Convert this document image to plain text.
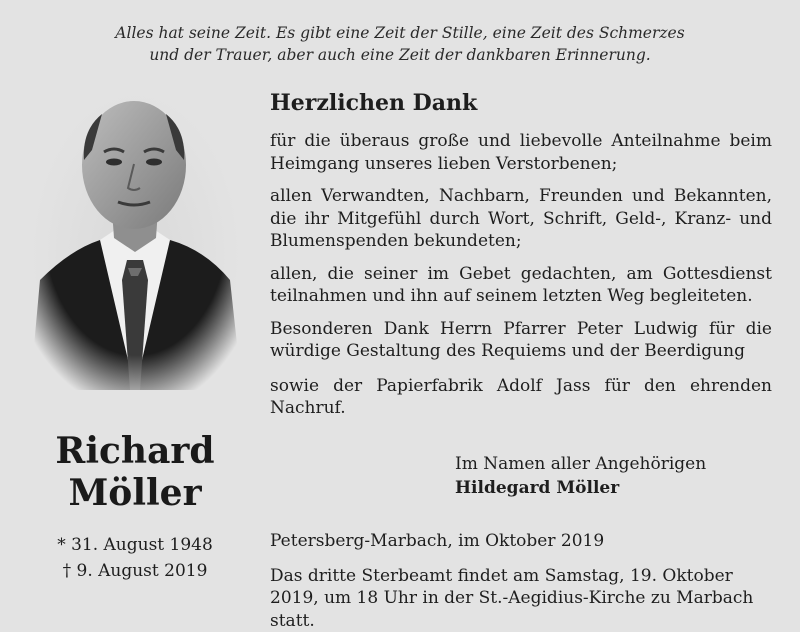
Alles hat seine Zeit. Es gibt eine Zeit der Stille, eine Zeit des Schmerzes
und der Trauer, aber auch eine Zeit der dankbaren Erinnerung.
Richard
Möller
* 31. August 1948
† 9. August 2019
Herzlichen Dank

für die überaus große und liebevolle Anteilnahme beim Heimgang unseres lieben Verstorbenen;

allen Verwandten, Nachbarn, Freunden und Bekannten, die ihr Mitgefühl durch Wort, Schrift, Geld-, Kranz- und Blumenspenden bekundeten;

allen, die seiner im Gebet gedachten, am Gottesdienst teilnahmen und ihn auf seinem letzten Weg begleiteten.

Besonderen Dank Herrn Pfarrer Peter Ludwig für die würdige Gestaltung des Requiems und der Beerdigung

sowie der Papierfabrik Adolf Jass für den ehrenden Nachruf.

Im Namen aller Angehörigen
Hildegard Möller
Petersberg-Marbach, im Oktober 2019
Das dritte Sterbeamt findet am Samstag, 19. Oktober 2019, um 18 Uhr in der St.-Aegidius-Kirche zu Marbach statt.
